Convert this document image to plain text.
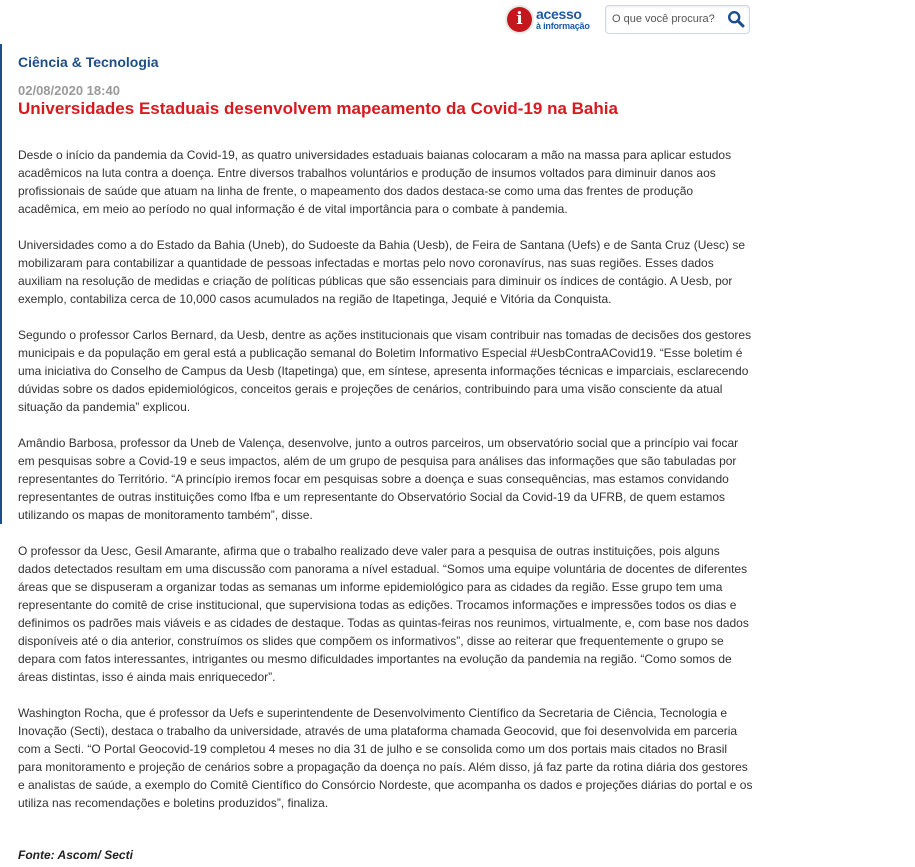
i acesso
à informação
O que você procura?
Ciência & Tecnologia
02/08/2020 18:40
Universidades Estaduais desenvolvem mapeamento da Covid-19 na Bahia

Desde o início da pandemia da Covid-19, as quatro universidades estaduais baianas colocaram a mão na massa para aplicar estudos acadêmicos na luta contra a doença. Entre diversos trabalhos voluntários e produção de insumos voltados para diminuir danos aos profissionais de saúde que atuam na linha de frente, o mapeamento dos dados destaca-se como uma das frentes de produção acadêmica, em meio ao período no qual informação é de vital importância para o combate à pandemia.

Universidades como a do Estado da Bahia (Uneb), do Sudoeste da Bahia (Uesb), de Feira de Santana (Uefs) e de Santa Cruz (Uesc) se mobilizaram para contabilizar a quantidade de pessoas infectadas e mortas pelo novo coronavírus, nas suas regiões. Esses dados auxiliam na resolução de medidas e criação de políticas públicas que são essenciais para diminuir os índices de contágio. A Uesb, por exemplo, contabiliza cerca de 10,000 casos acumulados na região de Itapetinga, Jequié e Vitória da Conquista.

Segundo o professor Carlos Bernard, da Uesb, dentre as ações institucionais que visam contribuir nas tomadas de decisões dos gestores municipais e da população em geral está a publicação semanal do Boletim Informativo Especial #UesbContraACovid19. “Esse boletim é uma iniciativa do Conselho de Campus da Uesb (Itapetinga) que, em síntese, apresenta informações técnicas e imparciais, esclarecendo dúvidas sobre os dados epidemiológicos, conceitos gerais e projeções de cenários, contribuindo para uma visão consciente da atual situação da pandemia” explicou.

Amândio Barbosa, professor da Uneb de Valença, desenvolve, junto a outros parceiros, um observatório social que a princípio vai focar em pesquisas sobre a Covid-19 e seus impactos, além de um grupo de pesquisa para análises das informações que são tabuladas por representantes do Território. “A princípio iremos focar em pesquisas sobre a doença e suas consequências, mas estamos convidando representantes de outras instituições como Ifba e um representante do Observatório Social da Covid-19 da UFRB, de quem estamos utilizando os mapas de monitoramento também”, disse.

O professor da Uesc, Gesil Amarante, afirma que o trabalho realizado deve valer para a pesquisa de outras instituições, pois alguns dados detectados resultam em uma discussão com panorama a nível estadual. “Somos uma equipe voluntária de docentes de diferentes áreas que se dispuseram a organizar todas as semanas um informe epidemiológico para as cidades da região. Esse grupo tem uma representante do comitê de crise institucional, que supervisiona todas as edições. Trocamos informações e impressões todos os dias e definimos os padrões mais viáveis e as cidades de destaque. Todas as quintas-feiras nos reunimos, virtualmente, e, com base nos dados disponíveis até o dia anterior, construímos os slides que compõem os informativos”, disse ao reiterar que frequentemente o grupo se depara com fatos interessantes, intrigantes ou mesmo dificuldades importantes na evolução da pandemia na região. “Como somos de áreas distintas, isso é ainda mais enriquecedor”.

Washington Rocha, que é professor da Uefs e superintendente de Desenvolvimento Científico da Secretaria de Ciência, Tecnologia e Inovação (Secti), destaca o trabalho da universidade, através de uma plataforma chamada Geocovid, que foi desenvolvida em parceria com a Secti. “O Portal Geocovid-19 completou 4 meses no dia 31 de julho e se consolida como um dos portais mais citados no Brasil para monitoramento e projeção de cenários sobre a propagação da doença no país. Além disso, já faz parte da rotina diária dos gestores e analistas de saúde, a exemplo do Comitê Científico do Consórcio Nordeste, que acompanha os dados e projeções diárias do portal e os utiliza nas recomendações e boletins produzidos”, finaliza.

Fonte: Ascom/ Secti
